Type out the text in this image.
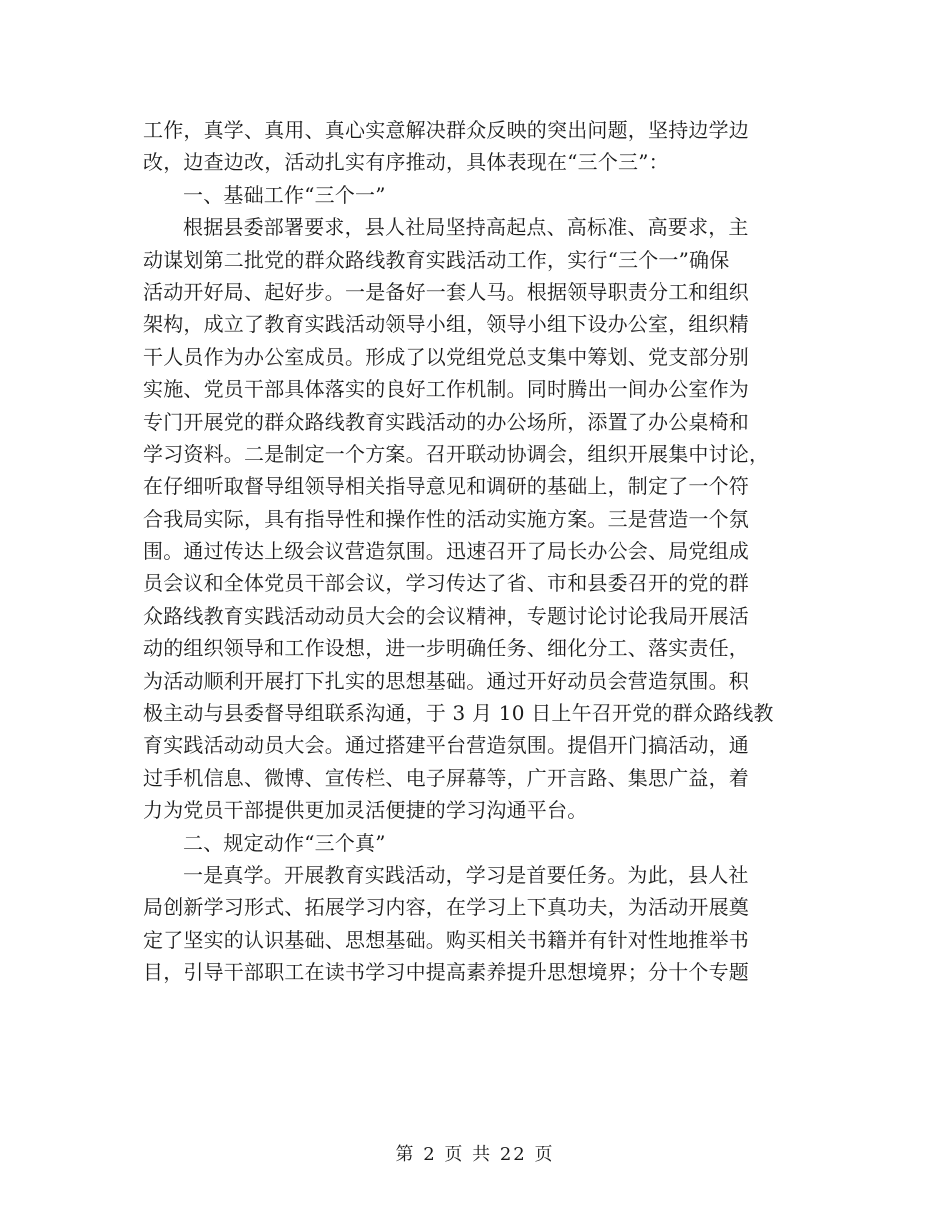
工作，真学、真用、真心实意解决群众反映的突出问题，坚持边学边
改，边查边改，活动扎实有序推动，具体表现在“三个三”：
一、基础工作“三个一”
根据县委部署要求，县人社局坚持高起点、高标准、高要求，主
动谋划第二批党的群众路线教育实践活动工作，实行“三个一”确保
活动开好局、起好步。一是备好一套人马。根据领导职责分工和组织
架构，成立了教育实践活动领导小组，领导小组下设办公室，组织精
干人员作为办公室成员。形成了以党组党总支集中筹划、党支部分别
实施、党员干部具体落实的良好工作机制。同时腾出一间办公室作为
专门开展党的群众路线教育实践活动的办公场所，添置了办公桌椅和
学习资料。二是制定一个方案。召开联动协调会，组织开展集中讨论，
在仔细听取督导组领导相关指导意见和调研的基础上，制定了一个符
合我局实际，具有指导性和操作性的活动实施方案。三是营造一个氛
围。通过传达上级会议营造氛围。迅速召开了局长办公会、局党组成
员会议和全体党员干部会议，学习传达了省、市和县委召开的党的群
众路线教育实践活动动员大会的会议精神，专题讨论讨论我局开展活
动的组织领导和工作设想，进一步明确任务、细化分工、落实责任，
为活动顺利开展打下扎实的思想基础。通过开好动员会营造氛围。积
极主动与县委督导组联系沟通，于 3 月 10 日上午召开党的群众路线教
育实践活动动员大会。通过搭建平台营造氛围。提倡开门搞活动，通
过手机信息、微博、宣传栏、电子屏幕等，广开言路、集思广益，着
力为党员干部提供更加灵活便捷的学习沟通平台。
二、规定动作“三个真”
一是真学。开展教育实践活动，学习是首要任务。为此，县人社
局创新学习形式、拓展学习内容，在学习上下真功夫，为活动开展奠
定了坚实的认识基础、思想基础。购买相关书籍并有针对性地推举书
目，引导干部职工在读书学习中提高素养提升思想境界；分十个专题
第 2 页 共 22 页
